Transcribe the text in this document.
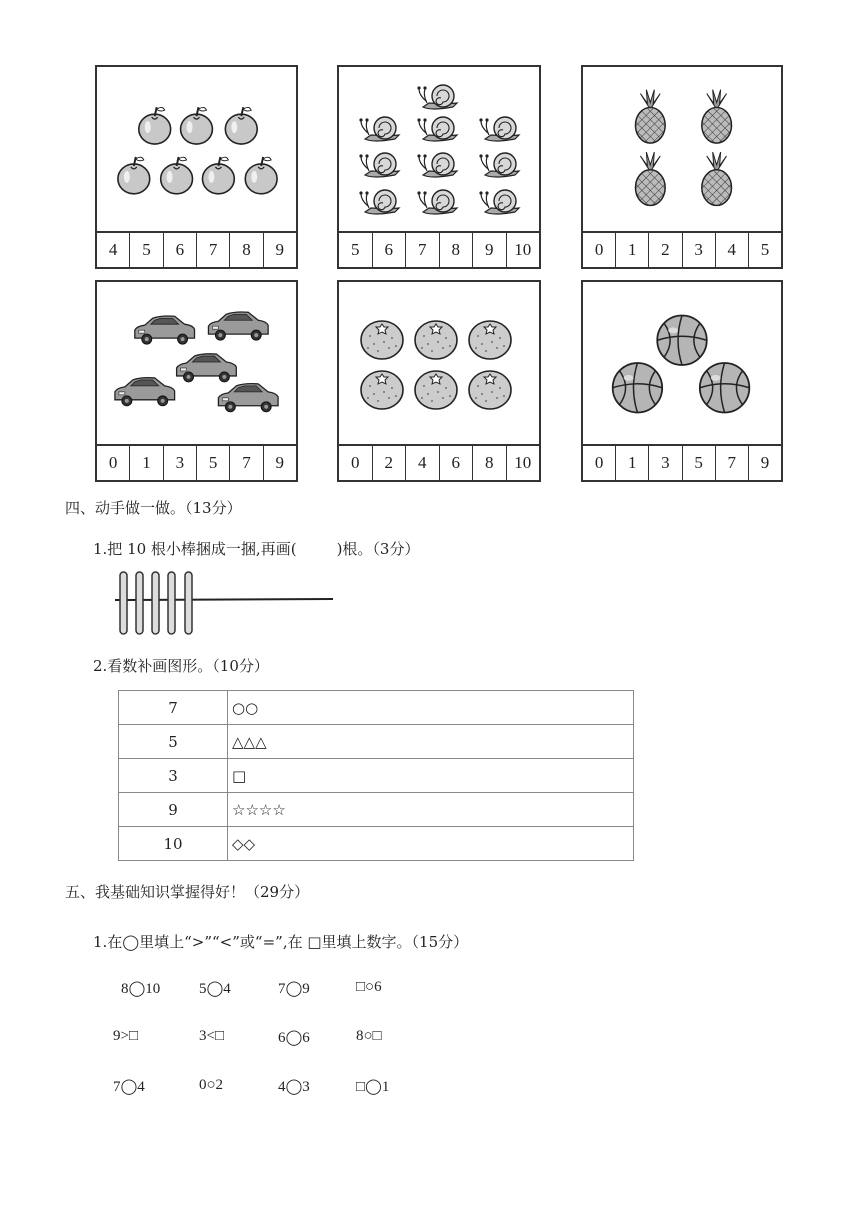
4	5	6	7	8	9	5	6	7	8	9	10	0	1	2	3	4	5
0	1	3	5	7	9	0	2	4	6	8	10	0	1	3	5	7	9
四、动手做一做。（13分）
1.把 10 根小棒捆成一捆,再画(	)根。（3分）
2.看数补画图形。（10分）
7	○○
5	△△△
3	□
9	☆☆☆☆
10	◇◇
五、我基础知识掌握得好！（29分）
1.在◯里填上“>”“<”或“=”,在 □里填上数字。（15分）
8◯10	5◯4	7◯9	□○6
9>□	3<□	6◯6	8○□
7◯4	0○2	4◯3	□◯1
